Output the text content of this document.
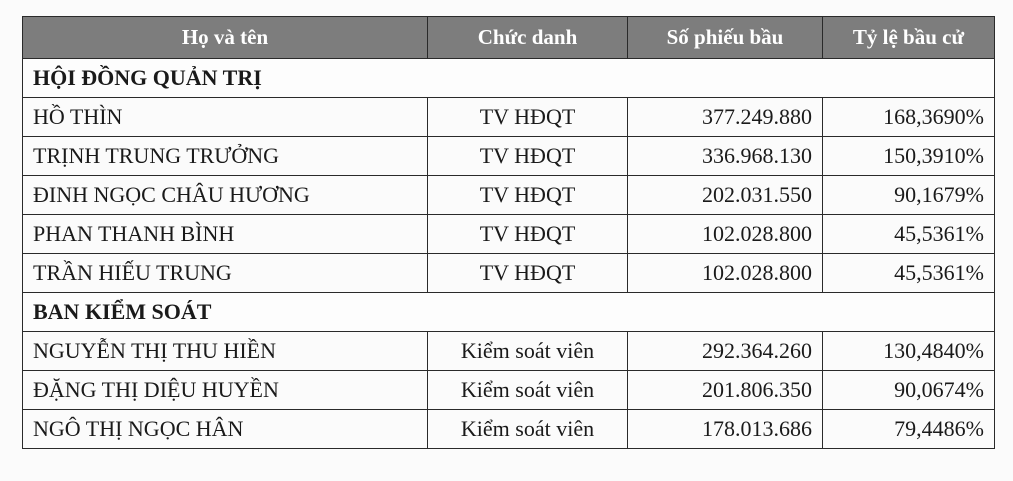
Họ và tên	Chức danh	Số phiếu bầu	Tỷ lệ bầu cử
HỘI ĐỒNG QUẢN TRỊ			
HỒ THÌN	TV HĐQT	377.249.880	168,3690%
TRỊNH TRUNG TRƯỞNG	TV HĐQT	336.968.130	150,3910%
ĐINH NGỌC CHÂU HƯƠNG	TV HĐQT	202.031.550	90,1679%
PHAN THANH BÌNH	TV HĐQT	102.028.800	45,5361%
TRẦN HIẾU TRUNG	TV HĐQT	102.028.800	45,5361%
BAN KIỂM SOÁT			
NGUYỄN THỊ THU HIỀN	Kiểm soát viên	292.364.260	130,4840%
ĐẶNG THỊ DIỆU HUYỀN	Kiểm soát viên	201.806.350	90,0674%
NGÔ THỊ NGỌC HÂN	Kiểm soát viên	178.013.686	79,4486%
